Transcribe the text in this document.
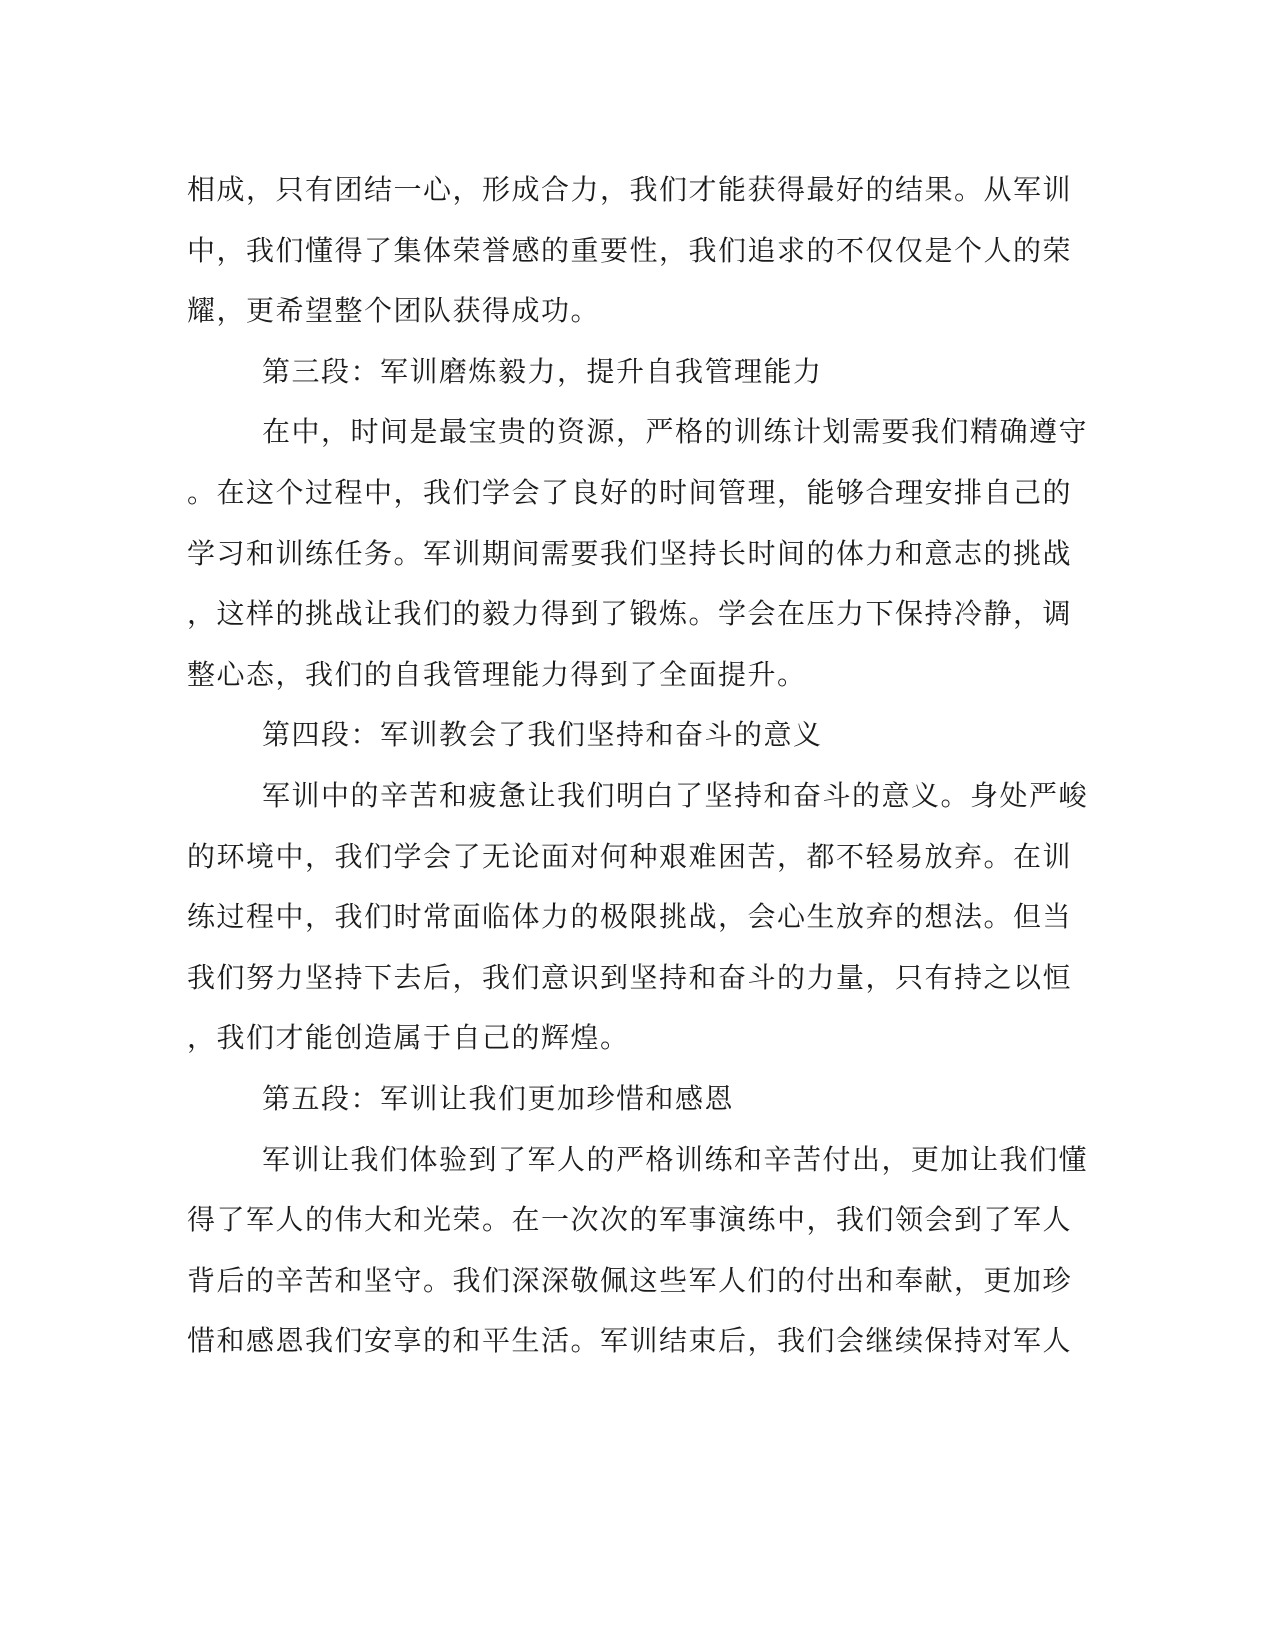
相成，只有团结一心，形成合力，我们才能获得最好的结果。从军训
中，我们懂得了集体荣誉感的重要性，我们追求的不仅仅是个人的荣
耀，更希望整个团队获得成功。
第三段：军训磨炼毅力，提升自我管理能力
在中，时间是最宝贵的资源，严格的训练计划需要我们精确遵守
。在这个过程中，我们学会了良好的时间管理，能够合理安排自己的
学习和训练任务。军训期间需要我们坚持长时间的体力和意志的挑战
，这样的挑战让我们的毅力得到了锻炼。学会在压力下保持冷静，调
整心态，我们的自我管理能力得到了全面提升。
第四段：军训教会了我们坚持和奋斗的意义
军训中的辛苦和疲惫让我们明白了坚持和奋斗的意义。身处严峻
的环境中，我们学会了无论面对何种艰难困苦，都不轻易放弃。在训
练过程中，我们时常面临体力的极限挑战，会心生放弃的想法。但当
我们努力坚持下去后，我们意识到坚持和奋斗的力量，只有持之以恒
，我们才能创造属于自己的辉煌。
第五段：军训让我们更加珍惜和感恩
军训让我们体验到了军人的严格训练和辛苦付出，更加让我们懂
得了军人的伟大和光荣。在一次次的军事演练中，我们领会到了军人
背后的辛苦和坚守。我们深深敬佩这些军人们的付出和奉献，更加珍
惜和感恩我们安享的和平生活。军训结束后，我们会继续保持对军人
